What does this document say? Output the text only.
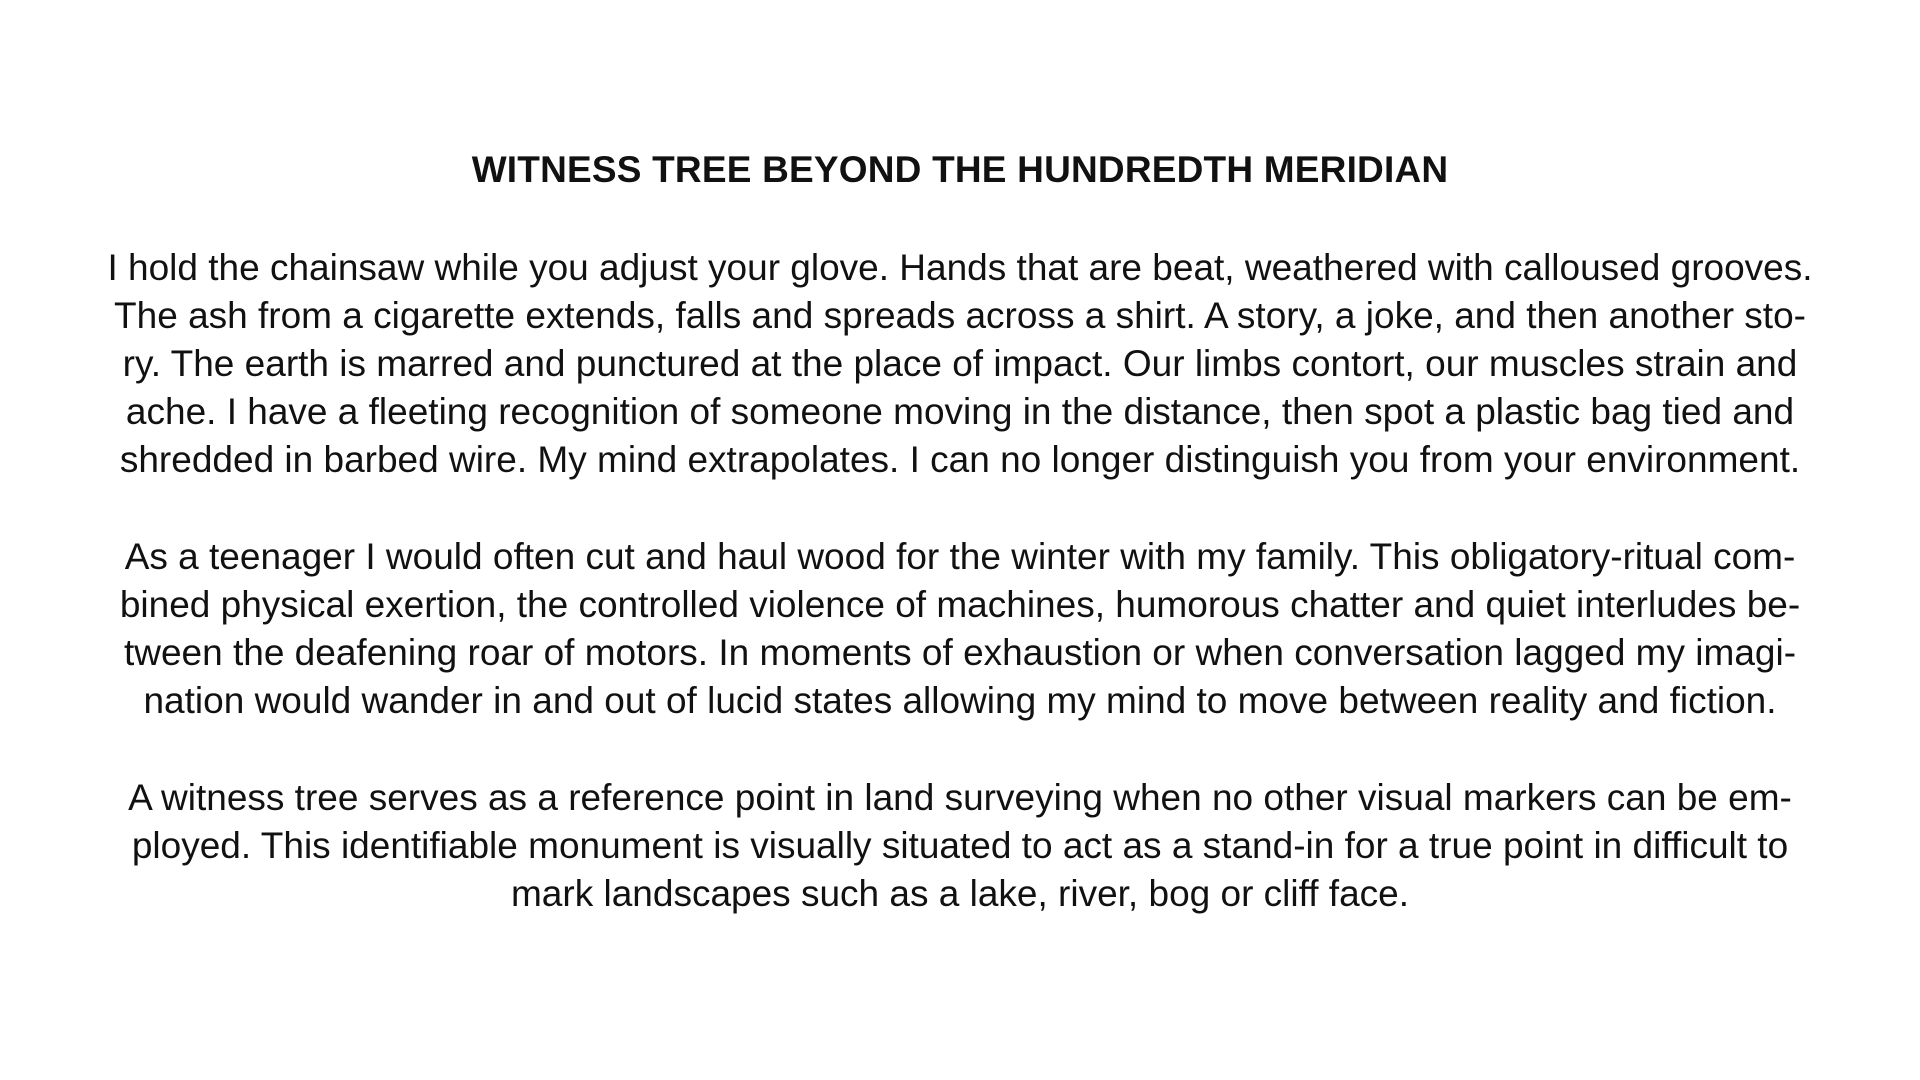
WITNESS TREE BEYOND THE HUNDREDTH MERIDIAN
I hold the chainsaw while you adjust your glove. Hands that are beat, weathered with calloused grooves.
The ash from a cigarette extends, falls and spreads across a shirt. A story, a joke, and then another sto-
ry. The earth is marred and punctured at the place of impact. Our limbs contort, our muscles strain and
ache. I have a fleeting recognition of someone moving in the distance, then spot a plastic bag tied and
shredded in barbed wire. My mind extrapolates. I can no longer distinguish you from your environment.
As a teenager I would often cut and haul wood for the winter with my family. This obligatory-ritual com-
bined physical exertion, the controlled violence of machines, humorous chatter and quiet interludes be-
tween the deafening roar of motors. In moments of exhaustion or when conversation lagged my imagi-
nation would wander in and out of lucid states allowing my mind to move between reality and fiction.
A witness tree serves as a reference point in land surveying when no other visual markers can be em-
ployed. This identifiable monument is visually situated to act as a stand-in for a true point in difficult to
mark landscapes such as a lake, river, bog or cliff face.
